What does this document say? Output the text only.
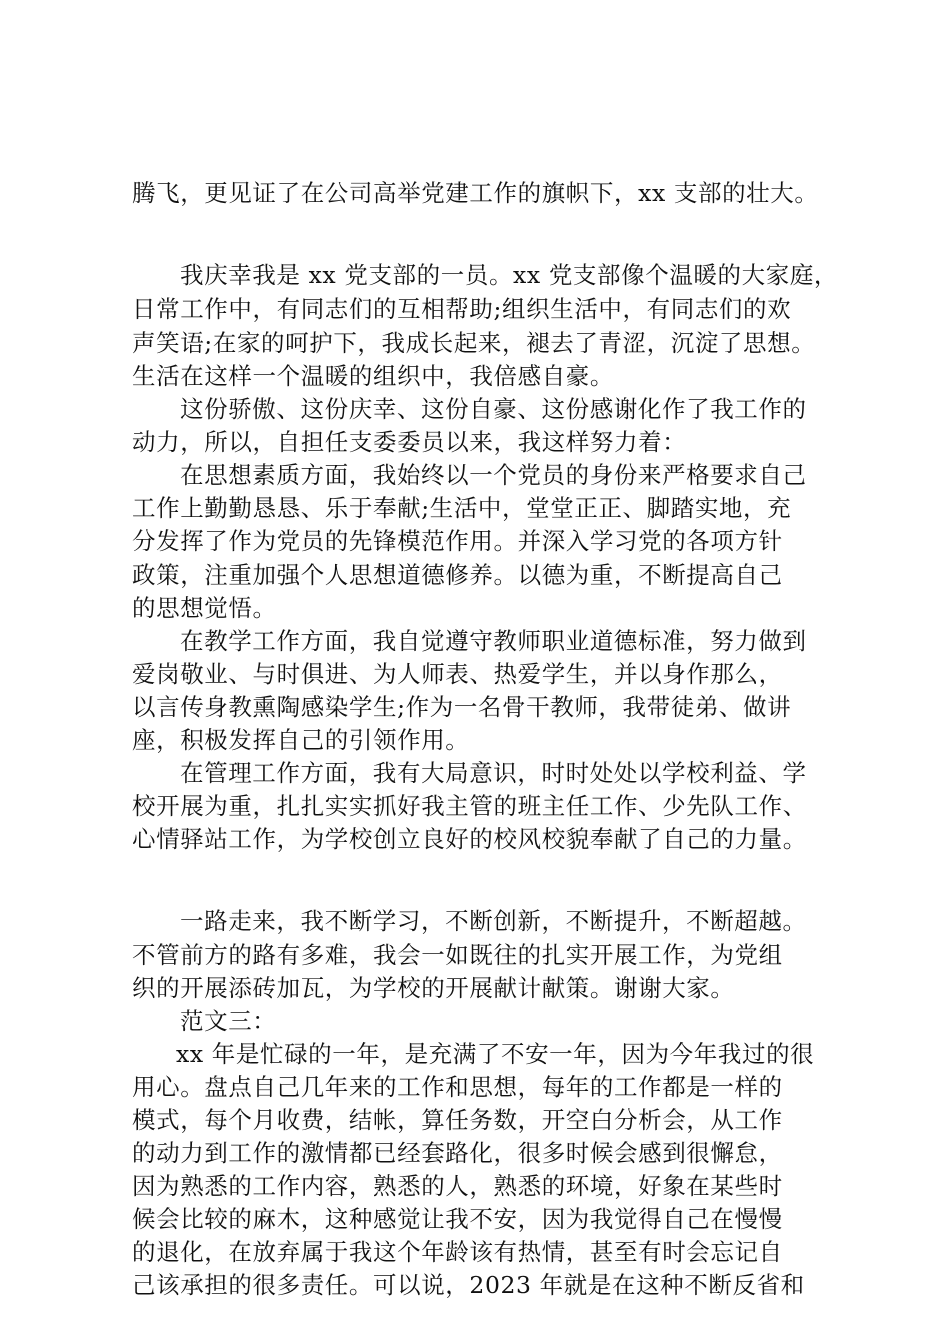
腾飞，更见证了在公司高举党建工作的旗帜下，xx 支部的壮大。

我庆幸我是 xx 党支部的一员。xx 党支部像个温暖的大家庭，

日常工作中，有同志们的互相帮助;组织生活中，有同志们的欢

声笑语;在家的呵护下，我成长起来，褪去了青涩，沉淀了思想。

生活在这样一个温暖的组织中，我倍感自豪。

这份骄傲、这份庆幸、这份自豪、这份感谢化作了我工作的

动力，所以，自担任支委委员以来，我这样努力着：

在思想素质方面，我始终以一个党员的身份来严格要求自己

工作上勤勤恳恳、乐于奉献;生活中，堂堂正正、脚踏实地，充

分发挥了作为党员的先锋模范作用。并深入学习党的各项方针

政策，注重加强个人思想道德修养。以德为重，不断提高自己

的思想觉悟。

在教学工作方面，我自觉遵守教师职业道德标准，努力做到

爱岗敬业、与时俱进、为人师表、热爱学生，并以身作那么，

以言传身教熏陶感染学生;作为一名骨干教师，我带徒弟、做讲

座，积极发挥自己的引领作用。

在管理工作方面，我有大局意识，时时处处以学校利益、学

校开展为重，扎扎实实抓好我主管的班主任工作、少先队工作、

心情驿站工作，为学校创立良好的校风校貌奉献了自己的力量。

一路走来，我不断学习，不断创新，不断提升，不断超越。

不管前方的路有多难，我会一如既往的扎实开展工作，为党组

织的开展添砖加瓦，为学校的开展献计献策。谢谢大家。

范文三：

xx 年是忙碌的一年，是充满了不安一年，因为今年我过的很

用心。盘点自己几年来的工作和思想，每年的工作都是一样的

模式，每个月收费，结帐，算任务数，开空白分析会，从工作

的动力到工作的激情都已经套路化，很多时候会感到很懈怠，

因为熟悉的工作内容，熟悉的人，熟悉的环境，好象在某些时

候会比较的麻木，这种感觉让我不安，因为我觉得自己在慢慢

的退化，在放弃属于我这个年龄该有热情，甚至有时会忘记自

己该承担的很多责任。可以说，2023 年就是在这种不断反省和
